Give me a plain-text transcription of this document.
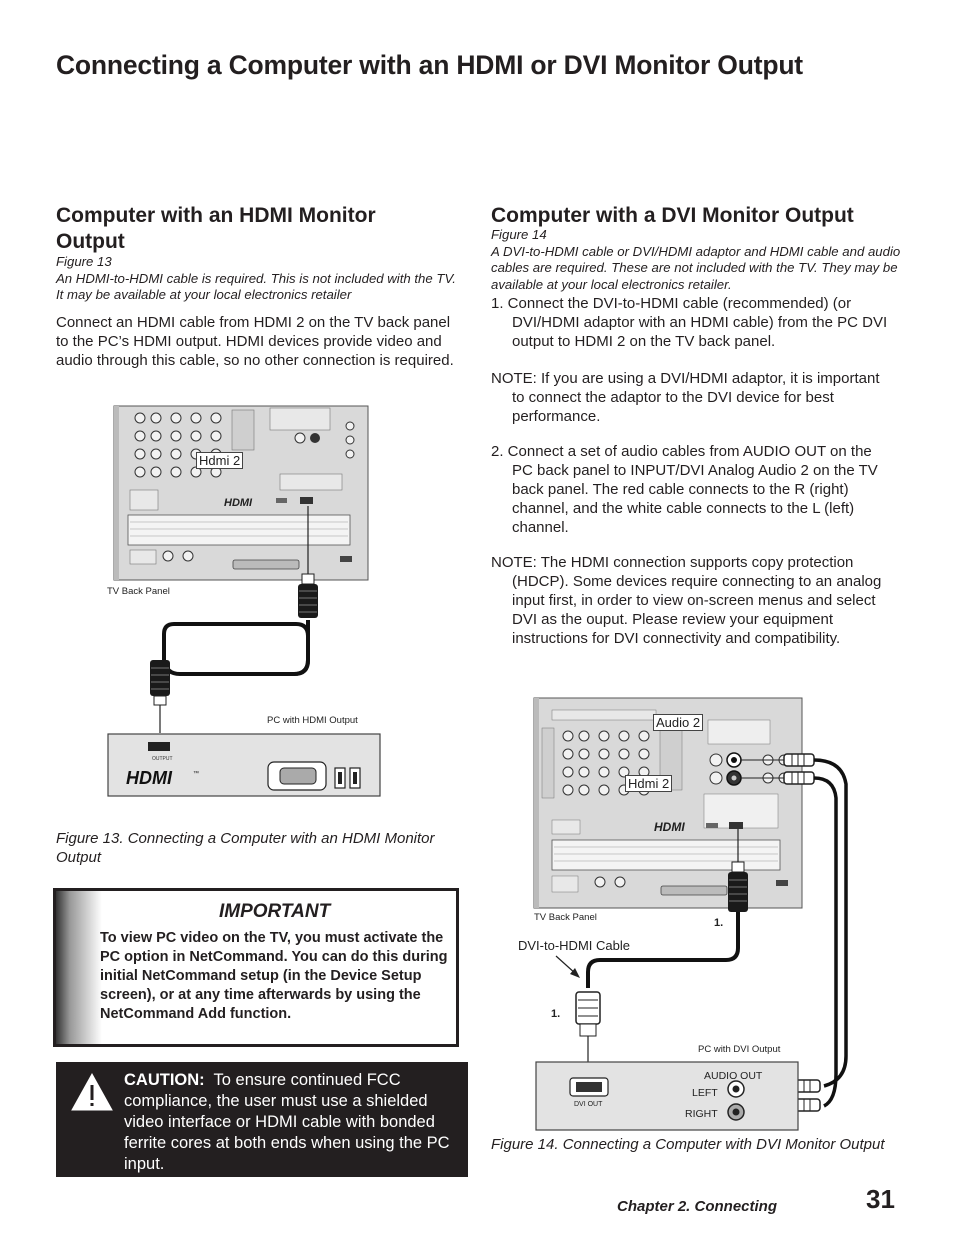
Connecting a Computer with an HDMI or DVI Monitor Output
Computer with an HDMI Monitor
Output
Figure 13
An HDMI-to-HDMI cable is required. This is not included with the TV. It may be available at your local electronics retailer
Connect an HDMI cable from HDMI 2 on the TV back panel to the PC’s HDMI output. HDMI devices provide video and audio through this cable, so no other connection is required.
HDMI
OUTPUT
HDMI	™
Hdmi 2
TV Back Panel
PC with HDMI Output
Figure 13. Connecting a Computer with an HDMI Monitor Output
IMPORTANT
To view PC video on the TV, you must activate the PC option in NetCommand. You can do this during initial NetCommand setup (in the Device Setup screen), or at any time afterwards by using the NetCommand Add function.
CAUTION: To ensure continued FCC compliance, the user must use a shielded video interface or HDMI cable with bonded ferrite cores at both ends when using the PC input.
Computer with a DVI Monitor Output
Figure 14
A DVI-to-HDMI cable or DVI/HDMI adaptor and HDMI cable and audio cables are required. These are not included with the TV. They may be available at your local electronics retailer.
1. Connect the DVI-to-HDMI cable (recommended) (or DVI/HDMI adaptor with an HDMI cable) from the PC DVI output to HDMI 2 on the TV back panel.
NOTE: If you are using a DVI/HDMI adaptor, it is important to connect the adaptor to the DVI device for best performance.
2. Connect a set of audio cables from AUDIO OUT on the PC back panel to INPUT/DVI Analog Audio 2 on the TV back panel. The red cable connects to the R (right) channel, and the white cable connects to the L (left) channel.
NOTE: The HDMI connection supports copy protection (HDCP). Some devices require connecting to an analog input first, in order to view on-screen menus and select DVI as the ouput. Please review your equipment instructions for DVI connectivity and compatibility.
HDMI
Audio 2
Hdmi 2
TV Back Panel	1.
DVI-to-HDMI Cable
1.
PC with DVI Output
AUDIO OUT
LEFT
RIGHT
DVI OUT
Figure 14. Connecting a Computer with DVI Monitor Output
Chapter 2. Connecting	31
